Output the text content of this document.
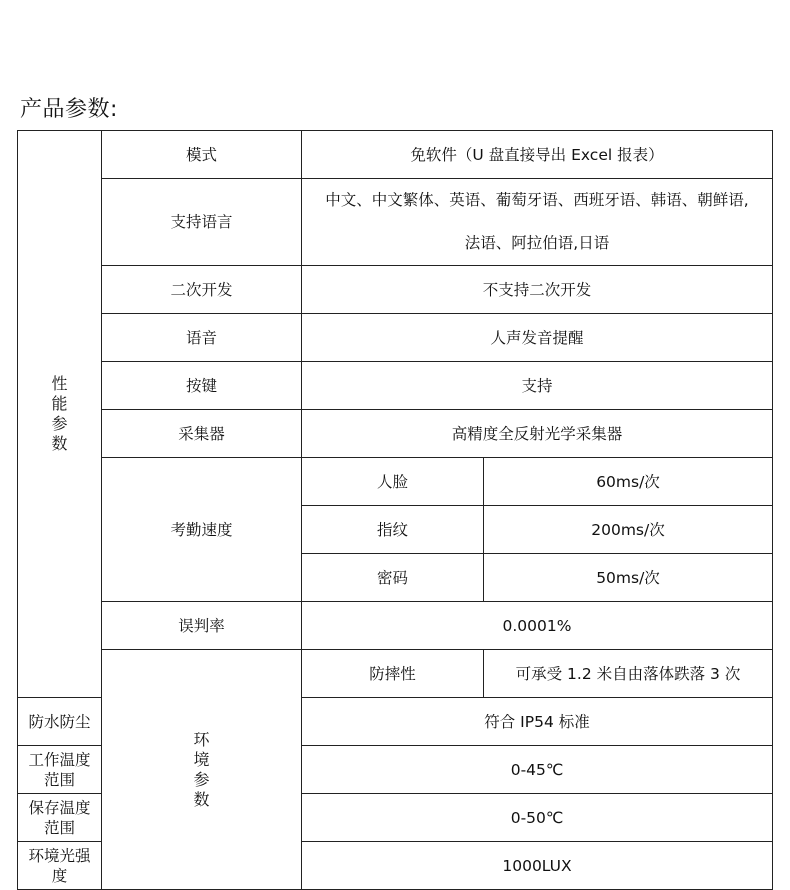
产品参数:
性
能
参
数	模式	免软件（U 盘直接导出 Excel 报表）	
	支持语言	中文、中文繁体、英语、葡萄牙语、西班牙语、韩语、朝鲜语,
法语、阿拉伯语,日语	

	二次开发	不支持二次开发	
	语音	人声发音提醒	
	按键	支持	
	采集器	高精度全反射光学采集器	
	考勤速度	人脸	60ms/次
		指纹	200ms/次
		密码	50ms/次
	误判率	0.0001%	

	环
境
参
数	防摔性	可承受 1.2 米自由落体跌落 3 次
防水防尘		符合 IP54 标准	
工作温度范围		0-45℃	
保存温度范围		0-50℃	
环境光强度		1000LUX	
